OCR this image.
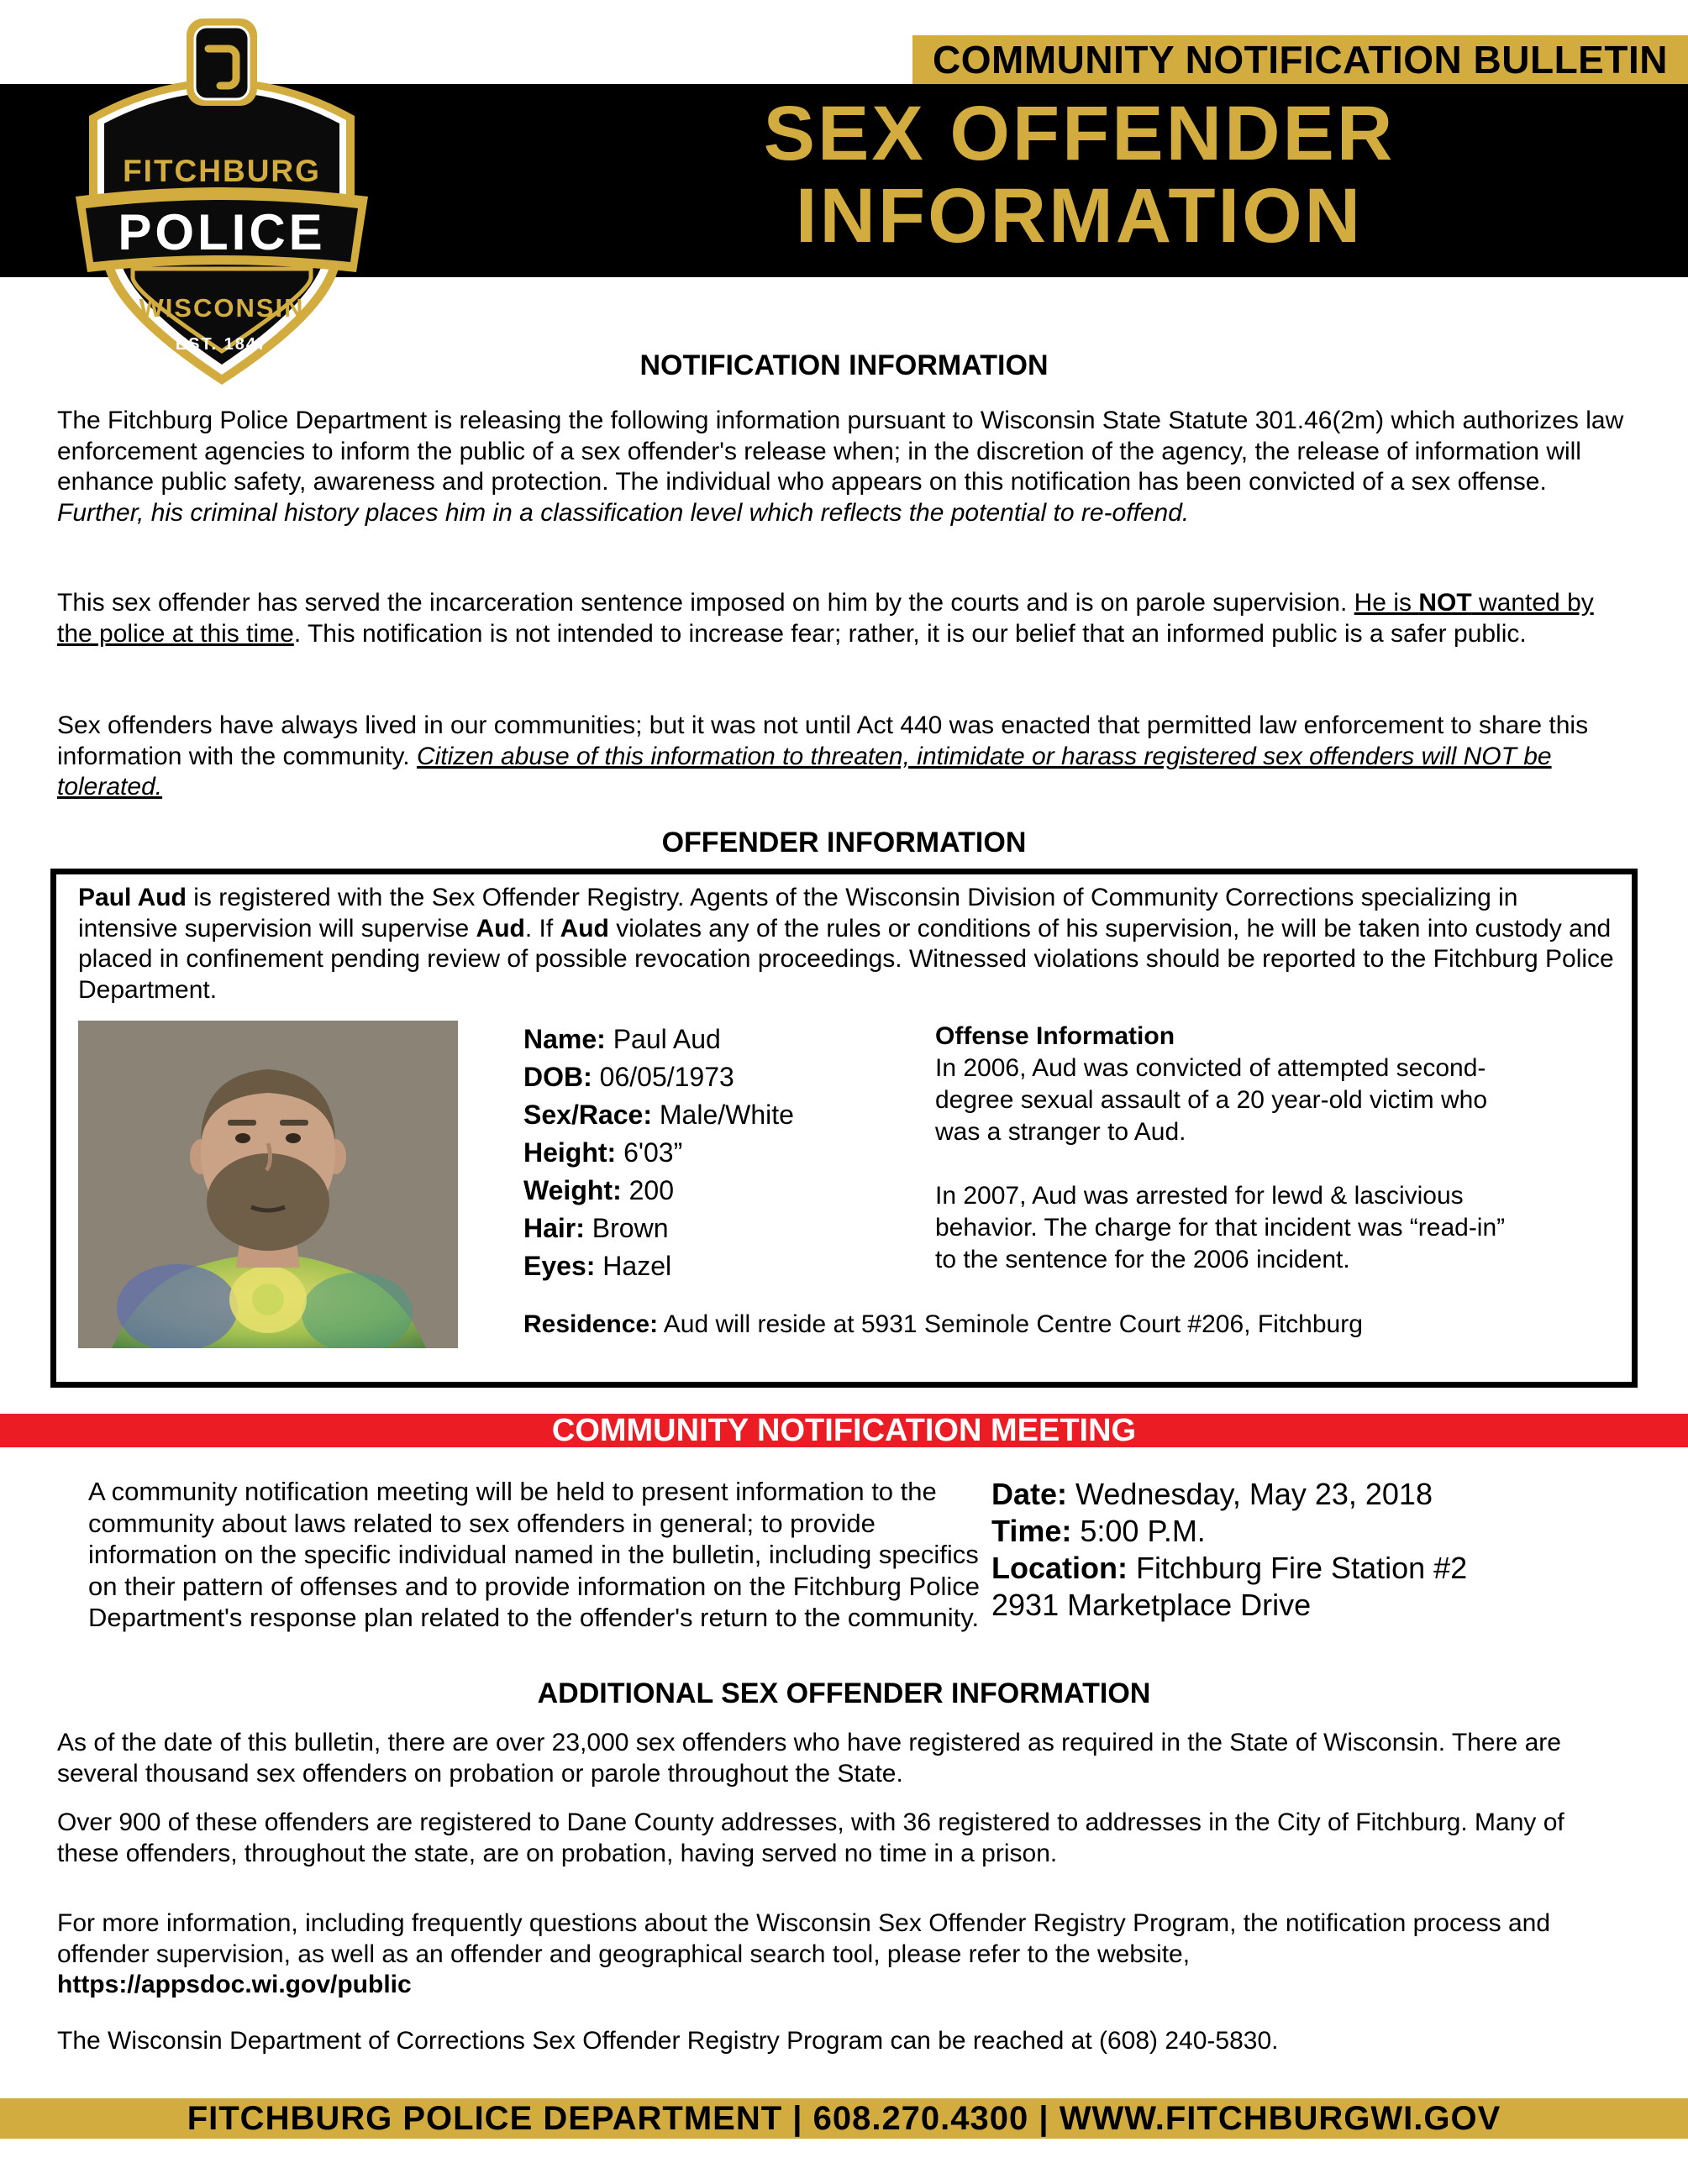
COMMUNITY NOTIFICATION BULLETIN
SEX OFFENDER
INFORMATION
FITCHBURG
POLICE
WISCONSIN
EST. 1847
NOTIFICATION INFORMATION

The Fitchburg Police Department is releasing the following information pursuant to Wisconsin State Statute 301.46(2m) which authorizes law enforcement agencies to inform the public of a sex offender's release when; in the discretion of the agency, the release of information will enhance public safety, awareness and protection. The individual who appears on this notification has been convicted of a sex offense. Further, his criminal history places him in a classification level which reflects the potential to re-offend.

This sex offender has served the incarceration sentence imposed on him by the courts and is on parole supervision. He is NOT wanted by the police at this time. This notification is not intended to increase fear; rather, it is our belief that an informed public is a safer public.

Sex offenders have always lived in our communities; but it was not until Act 440 was enacted that permitted law enforcement to share this information with the community. Citizen abuse of this information to threaten, intimidate or harass registered sex offenders will NOT be tolerated.

OFFENDER INFORMATION

Paul Aud is registered with the Sex Offender Registry. Agents of the Wisconsin Division of Community Corrections specializing in intensive supervision will supervise Aud. If Aud violates any of the rules or conditions of his supervision, he will be taken into custody and placed in confinement pending review of possible revocation proceedings. Witnessed violations should be reported to the Fitchburg Police Department.

Name: Paul Aud
DOB: 06/05/1973
Sex/Race: Male/White
Height: 6'03”
Weight: 200
Hair: Brown
Eyes: Hazel
Offense Information
In 2006, Aud was convicted of attempted second-degree sexual assault of a 20 year-old victim who was a stranger to Aud.
In 2007, Aud was arrested for lewd & lascivious behavior. The charge for that incident was “read-in” to the sentence for the 2006 incident.

Residence: Aud will reside at 5931 Seminole Centre Court #206, Fitchburg

COMMUNITY NOTIFICATION MEETING

A community notification meeting will be held to present information to the community about laws related to sex offenders in general; to provide information on the specific individual named in the bulletin, including specifics on their pattern of offenses and to provide information on the Fitchburg Police Department's response plan related to the offender's return to the community.

Date: Wednesday, May 23, 2018
Time: 5:00 P.M.
Location: Fitchburg Fire Station #2
2931 Marketplace Drive
ADDITIONAL SEX OFFENDER INFORMATION

As of the date of this bulletin, there are over 23,000 sex offenders who have registered as required in the State of Wisconsin. There are several thousand sex offenders on probation or parole throughout the State.

Over 900 of these offenders are registered to Dane County addresses, with 36 registered to addresses in the City of Fitchburg. Many of these offenders, throughout the state, are on probation, having served no time in a prison.

For more information, including frequently questions about the Wisconsin Sex Offender Registry Program, the notification process and offender supervision, as well as an offender and geographical search tool, please refer to the website,
https://appsdoc.wi.gov/public

The Wisconsin Department of Corrections Sex Offender Registry Program can be reached at (608) 240-5830.

FITCHBURG POLICE DEPARTMENT | 608.270.4300 | WWW.FITCHBURGWI.GOV
